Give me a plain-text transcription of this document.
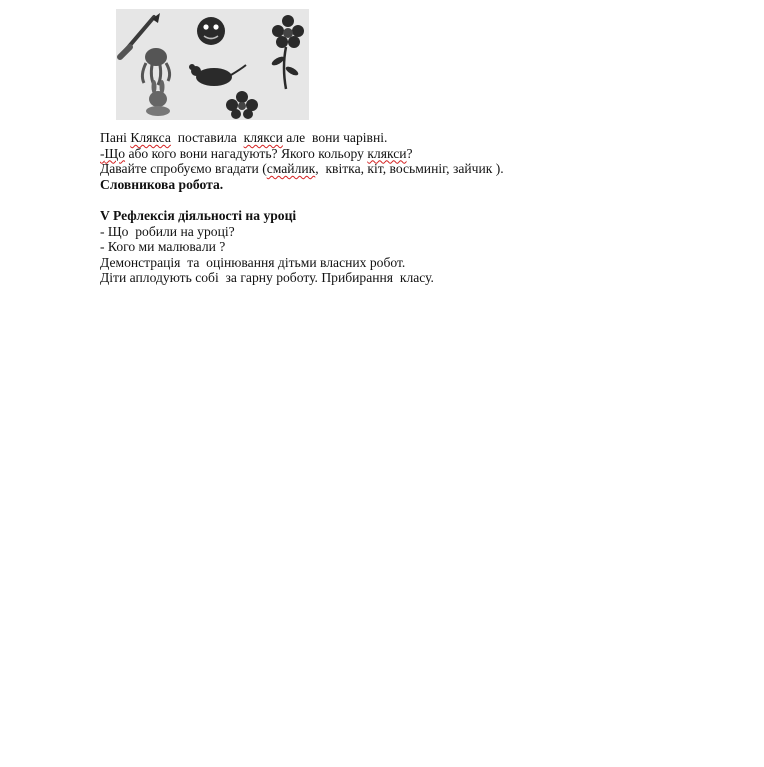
Пані Клякса  поставила  клякси але  вони чарівні.
-Що або кого вони нагадують? Якого кольору клякси?
Давайте спробуємо вгадати (смайлик,  квітка, кіт, восьминіг, зайчик ).
Словникова робота.
V Рефлексія діяльності на уроці
- Що  робили на уроці?
- Кого ми малювали ?
Демонстрація  та  оцінювання дітьми власних робот.
Діти аплодують собі  за гарну роботу. Прибирання  класу.
